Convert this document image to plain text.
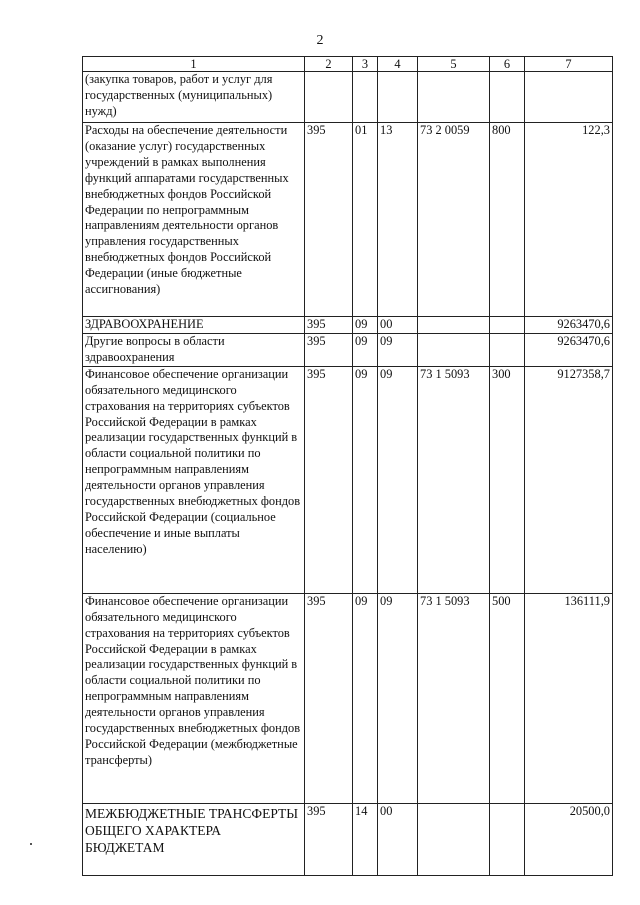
2
1	2	3	4	5	6	7
(закупка товаров, работ и услуг для государственных (муниципальных) нужд)						
Расходы на обеспечение деятельности (оказание услуг) государственных учреждений в рамках выполнения функций аппаратами государственных внебюджетных фондов Российской Федерации по непрограммным направлениям деятельности органов управления государственных внебюджетных фондов Российской Федерации (иные бюджетные ассигнования)	395	01	13	73 2 0059	800	122,3
ЗДРАВООХРАНЕНИЕ	395	09	00			9263470,6
Другие вопросы в области здравоохранения	395	09	09			9263470,6
Финансовое обеспечение организации обязательного медицинского страхования на территориях субъектов Российской Федерации в рамках реализации государственных функций в области социальной политики по непрограммным направлениям деятельности органов управления государственных внебюджетных фондов Российской Федерации (социальное обеспечение и иные выплаты населению)	395	09	09	73 1 5093	300	9127358,7
Финансовое обеспечение организации обязательного медицинского страхования на территориях субъектов Российской Федерации в рамках реализации государственных функций в области социальной политики по непрограммным направлениям деятельности органов управления государственных внебюджетных фондов Российской Федерации (межбюджетные трансферты)	395	09	09	73 1 5093	500	136111,9
МЕЖБЮДЖЕТНЫЕ ТРАНСФЕРТЫ ОБЩЕГО ХАРАКТЕРА БЮДЖЕТАМ	395	14	00			20500,0
